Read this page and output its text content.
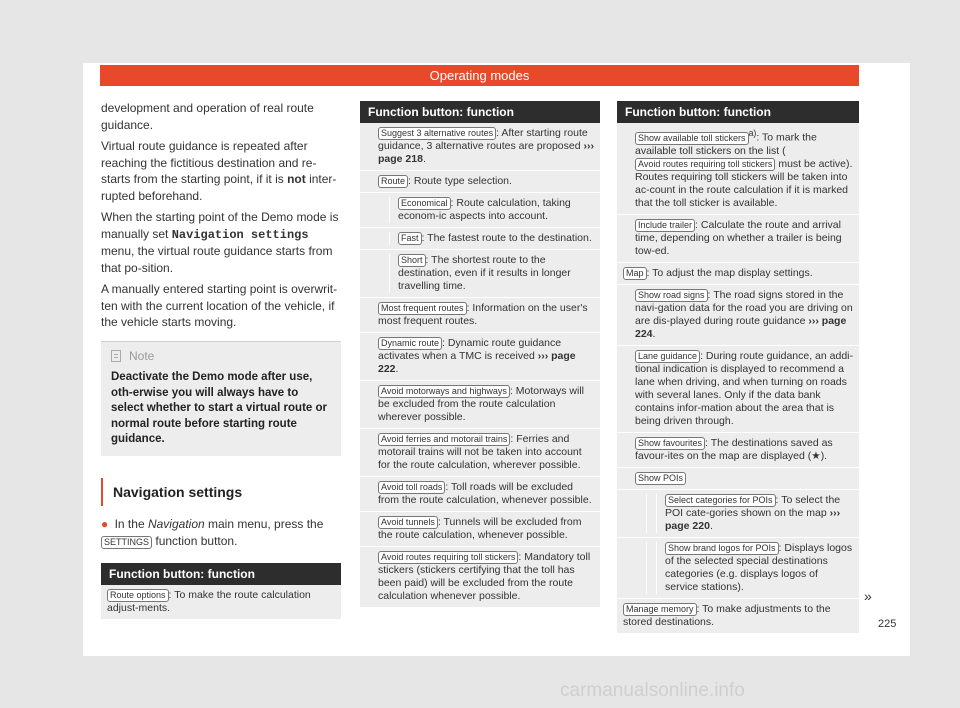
Operating modes

development and operation of real route guidance.

Virtual route guidance is repeated after reaching the fictitious destination and re-starts from the starting point, if it is not inter-rupted beforehand.

When the starting point of the Demo mode is manually set Navigation settings menu, the virtual route guidance starts from that po-sition.

A manually entered starting point is overwrit-ten with the current location of the vehicle, if the vehicle starts moving.

Note
Deactivate the Demo mode after use, oth-erwise you will always have to select whether to start a virtual route or normal route before starting route guidance.
Navigation settings

● In the Navigation main menu, press the SETTINGS function button.

Function button: function
Route options : To make the route calculation adjust-ments.
Function button: function
Suggest 3 alternative routes : After starting route guidance, 3 alternative routes are proposed ››› page 218.
Route : Route type selection.
Economical : Route calculation, taking econom-ic aspects into account.
Fast : The fastest route to the destination.
Short : The shortest route to the destination, even if it results in longer travelling time.
Most frequent routes : Information on the user's most frequent routes.
Dynamic route : Dynamic route guidance activates when a TMC is received ››› page 222.
Avoid motorways and highways : Motorways will be excluded from the route calculation wherever possible.
Avoid ferries and motorail trains : Ferries and motorail trains will not be taken into account for the route calculation, wherever possible.
Avoid toll roads : Toll roads will be excluded from the route calculation, whenever possible.
Avoid tunnels : Tunnels will be excluded from the route calculation, whenever possible.
Avoid routes requiring toll stickers : Mandatory toll stickers (stickers certifying that the toll has been paid) will be excluded from the route calculation whenever possible.
Function button: function
Show available toll stickers $^{a)}$: To mark the available toll stickers on the list (Avoid routes requiring toll stickers must be active). Routes requiring toll stickers will be taken into ac-count in the route calculation if it is marked that the toll sticker is available.
Include trailer : Calculate the route and arrival time, depending on whether a trailer is being tow-ed.
Map : To adjust the map display settings.
Show road signs : The road signs stored in the navi-gation data for the road you are driving on are dis-played during route guidance ››› page 224.
Lane guidance : During route guidance, an addi-tional indication is displayed to recommend a lane when driving, and when turning on roads with several lanes. Only if the data bank contains infor-mation about the area that is being driven through.
Show favourites : The destinations saved as favour-ites on the map are displayed (★).
Show POIs
Select categories for POIs : To select the POI cate-gories shown on the map ››› page 220.
Show brand logos for POIs : Displays logos of the selected special destinations categories (e.g. displays logos of service stations).
Manage memory : To make adjustments to the stored destinations.
»
225
carmanualsonline.info
